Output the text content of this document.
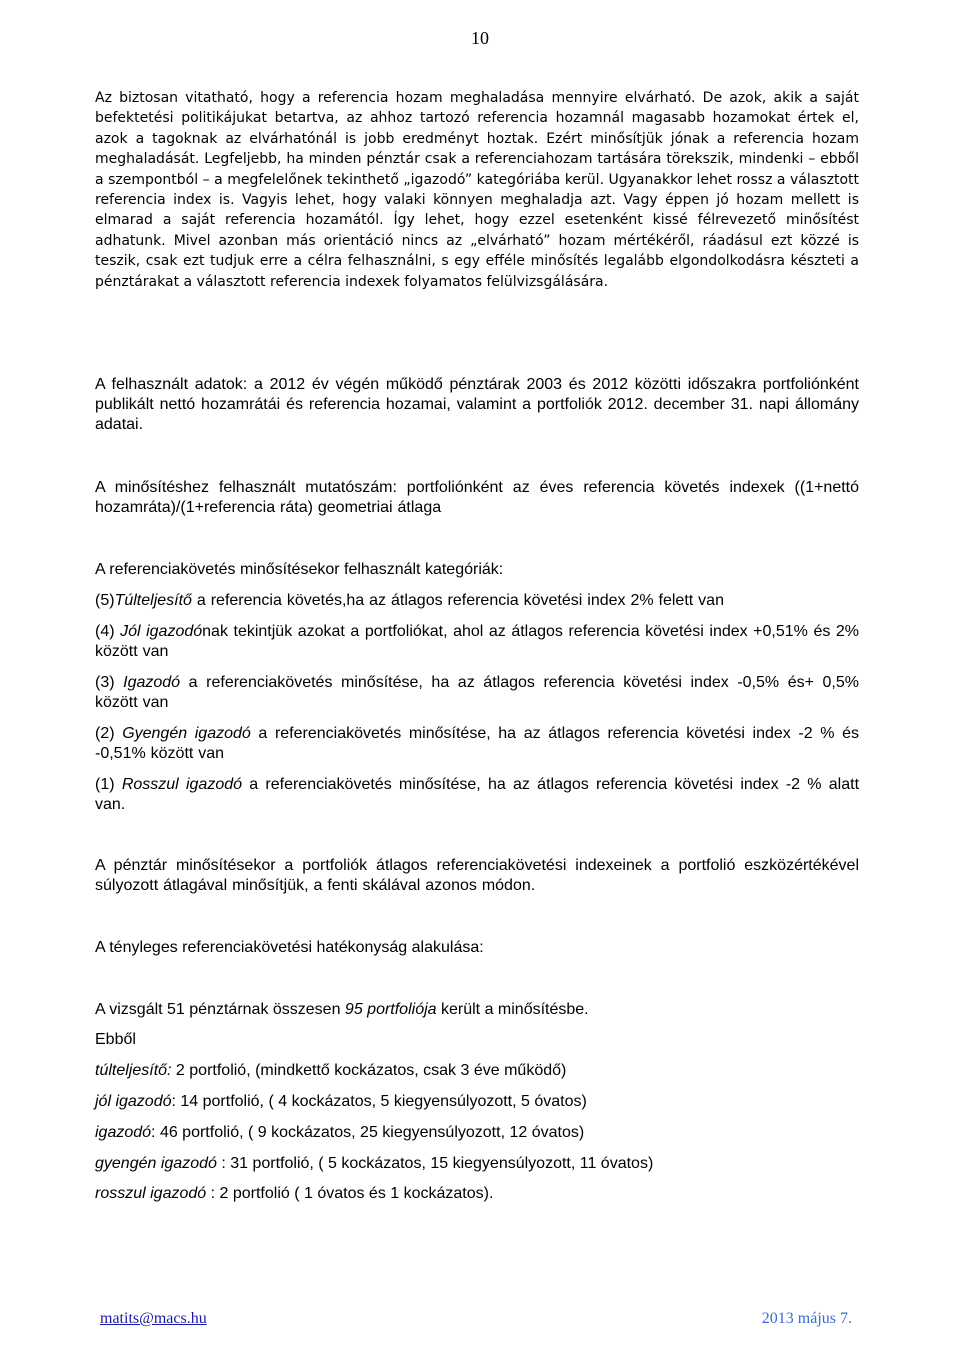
10

Az biztosan vitatható, hogy a referencia hozam meghaladása mennyire elvárható. De azok, akik a saját befektetési politikájukat betartva, az ahhoz tartozó referencia hozamnál magasabb hozamokat értek el, azok a tagoknak az elvárhatónál is jobb eredményt hoztak. Ezért minősítjük jónak a referencia hozam meghaladását. Legfeljebb, ha minden pénztár csak a referenciahozam tartására törekszik, mindenki – ebből a szempontból – a megfelelőnek tekinthető „igazodó” kategóriába kerül. Ugyanakkor lehet rossz a választott referencia index is. Vagyis lehet, hogy valaki könnyen meghaladja azt. Vagy éppen jó hozam mellett is elmarad a saját referencia hozamától. Így lehet, hogy ezzel esetenként kissé félrevezető minősítést adhatunk. Mivel azonban más orientáció nincs az „elvárható” hozam mértékéről, ráadásul ezt közzé is teszik, csak ezt tudjuk erre a célra felhasználni, s egy efféle minősítés legalább elgondolkodásra készteti a pénztárakat a választott referencia indexek folyamatos felülvizsgálására.

A felhasznált adatok: a 2012 év végén működő pénztárak 2003 és 2012 közötti időszakra portfoliónként publikált nettó hozamrátái és referencia hozamai, valamint a portfoliók 2012. december 31. napi állomány adatai.

A minősítéshez felhasznált mutatószám: portfoliónként az éves referencia követés indexek ((1+nettó hozamráta)/(1+referencia ráta) geometriai átlaga

A referenciakövetés minősítésekor felhasznált kategóriák:

(5)Túlteljesítő a referencia követés,ha az átlagos referencia követési index 2% felett van

(4) Jól igazodónak tekintjük azokat a portfoliókat, ahol az átlagos referencia követési index +0,51% és 2% között van

(3) Igazodó a referenciakövetés minősítése, ha az átlagos referencia követési index -0,5% és+ 0,5% között van

(2) Gyengén igazodó a referenciakövetés minősítése, ha az átlagos referencia követési index -2 % és -0,51% között van

(1) Rosszul igazodó a referenciakövetés minősítése, ha az átlagos referencia követési index -2 % alatt van.

A pénztár minősítésekor a portfoliók átlagos referenciakövetési indexeinek a portfolió eszközértékével súlyozott átlagával minősítjük, a fenti skálával azonos módon.

A tényleges referenciakövetési hatékonyság alakulása:

A vizsgált 51 pénztárnak összesen 95 portfoliója került a minősítésbe.

Ebből

túlteljesítő: 2 portfolió, (mindkettő kockázatos, csak 3 éve működő)

jól igazodó: 14 portfolió, ( 4 kockázatos, 5 kiegyensúlyozott, 5 óvatos)

igazodó: 46 portfolió, ( 9 kockázatos, 25 kiegyensúlyozott, 12 óvatos)

gyengén igazodó : 31 portfolió, ( 5 kockázatos, 15 kiegyensúlyozott, 11 óvatos)

rosszul igazodó : 2 portfolió ( 1 óvatos és 1 kockázatos).

matits@macs.hu	2013 május 7.
